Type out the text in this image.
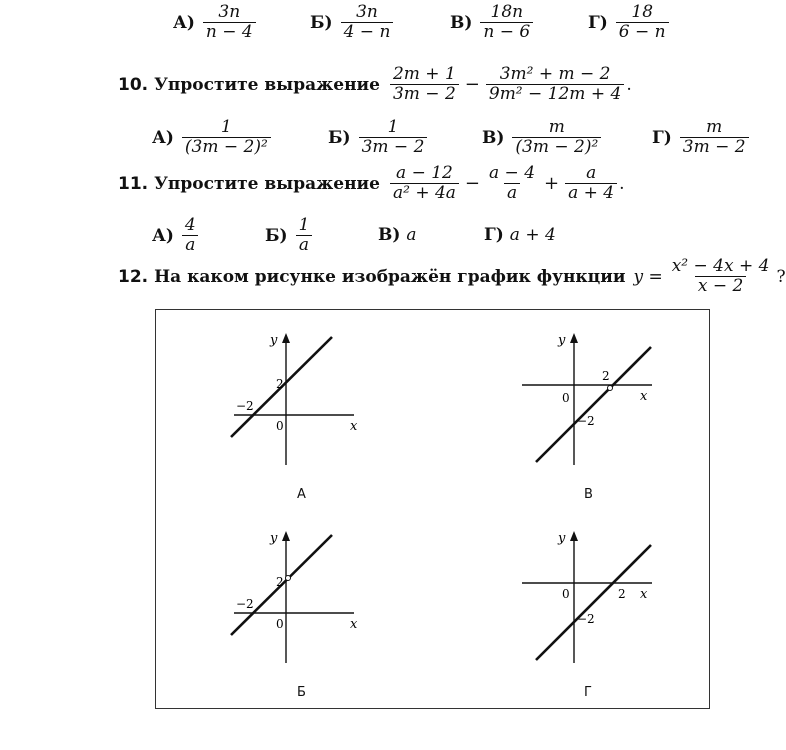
$А) \frac{3n}{n - 4}$	$Б) \frac{3n}{4 - n}$	$В) \frac{18n}{n - 6}$	$Г) \frac{18}{6 - n}$
10. Упростите выражение $\frac{2m + 1}{3m - 2} - \frac{\text{3m² + m − 2}}{\text{9m² − 12m + 4}}$ .
$А) \frac{1}{\text{(3m − 2)²}}$	$Б) \frac{1}{3m - 2}$	$В) \frac{m}{\text{(3m − 2)²}}$	$Г) \frac{m}{3m - 2}$
11. Упростите выражение $\frac{a - 12}{\text{a² + 4a}} - \frac{a - 4}{a} + \frac{a}{a + 4}$ .
$А) \frac{4}{a}$	$Б) \frac{1}{a}$	В) a	Г) a + 4
12. На каком рисунке изображён график функции $y = \frac{\text{x² − 4x + 4}}{x - 2}$ ?
y
x
2
−2
0
А
y
x
2
−2
0
В
y
x
2
−2
0
Б
y
x
2
−2
0
Г
